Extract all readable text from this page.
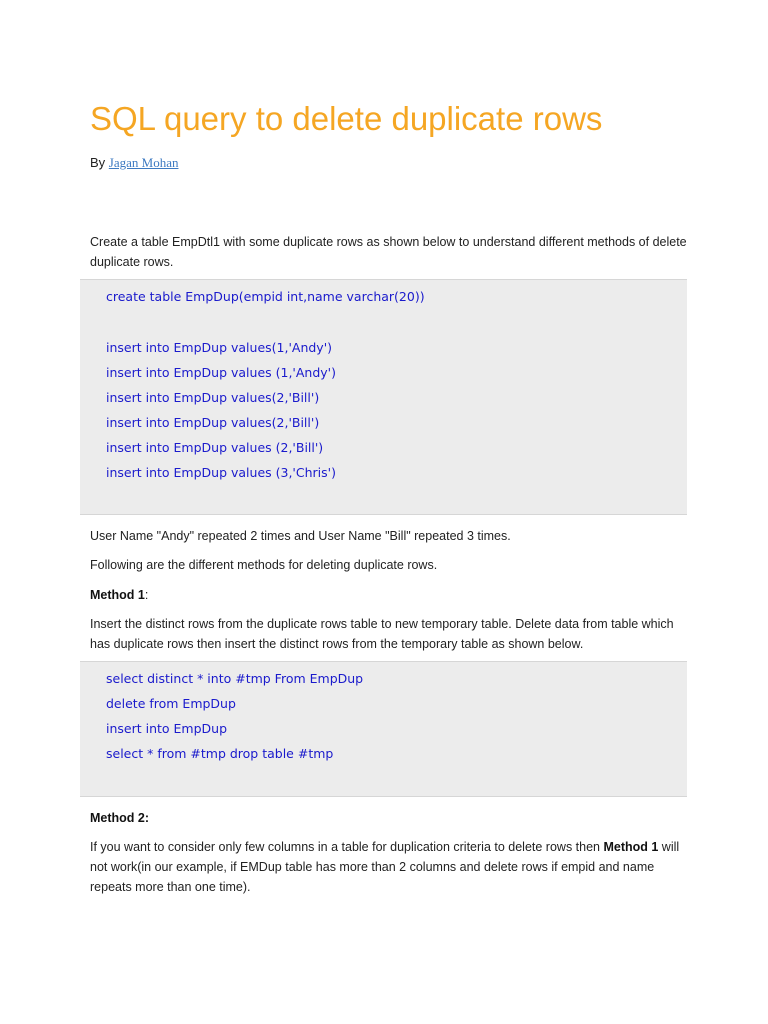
SQL query to delete duplicate rows
By Jagan Mohan

Create a table EmpDtl1 with some duplicate rows as shown below to understand different methods of delete duplicate rows.

create table EmpDup(empid int,name varchar(20))
insert into EmpDup values(1,'Andy')
insert into EmpDup values (1,'Andy')
insert into EmpDup values(2,'Bill')
insert into EmpDup values(2,'Bill')
insert into EmpDup values (2,'Bill')
insert into EmpDup values (3,'Chris')

User Name "Andy" repeated 2 times and User Name "Bill" repeated 3 times.

Following are the different methods for deleting duplicate rows.

Method 1:

Insert the distinct rows from the duplicate rows table to new temporary table. Delete data from table which has duplicate rows then insert the distinct rows from the temporary table as shown below.

select distinct * into #tmp From EmpDup
delete from EmpDup
insert into EmpDup
select * from #tmp drop table #tmp

Method 2:

If you want to consider only few columns in a table for duplication criteria to delete rows then Method 1 will not work(in our example, if EMDup table has more than 2 columns and delete rows if empid and name repeats more than one time).
